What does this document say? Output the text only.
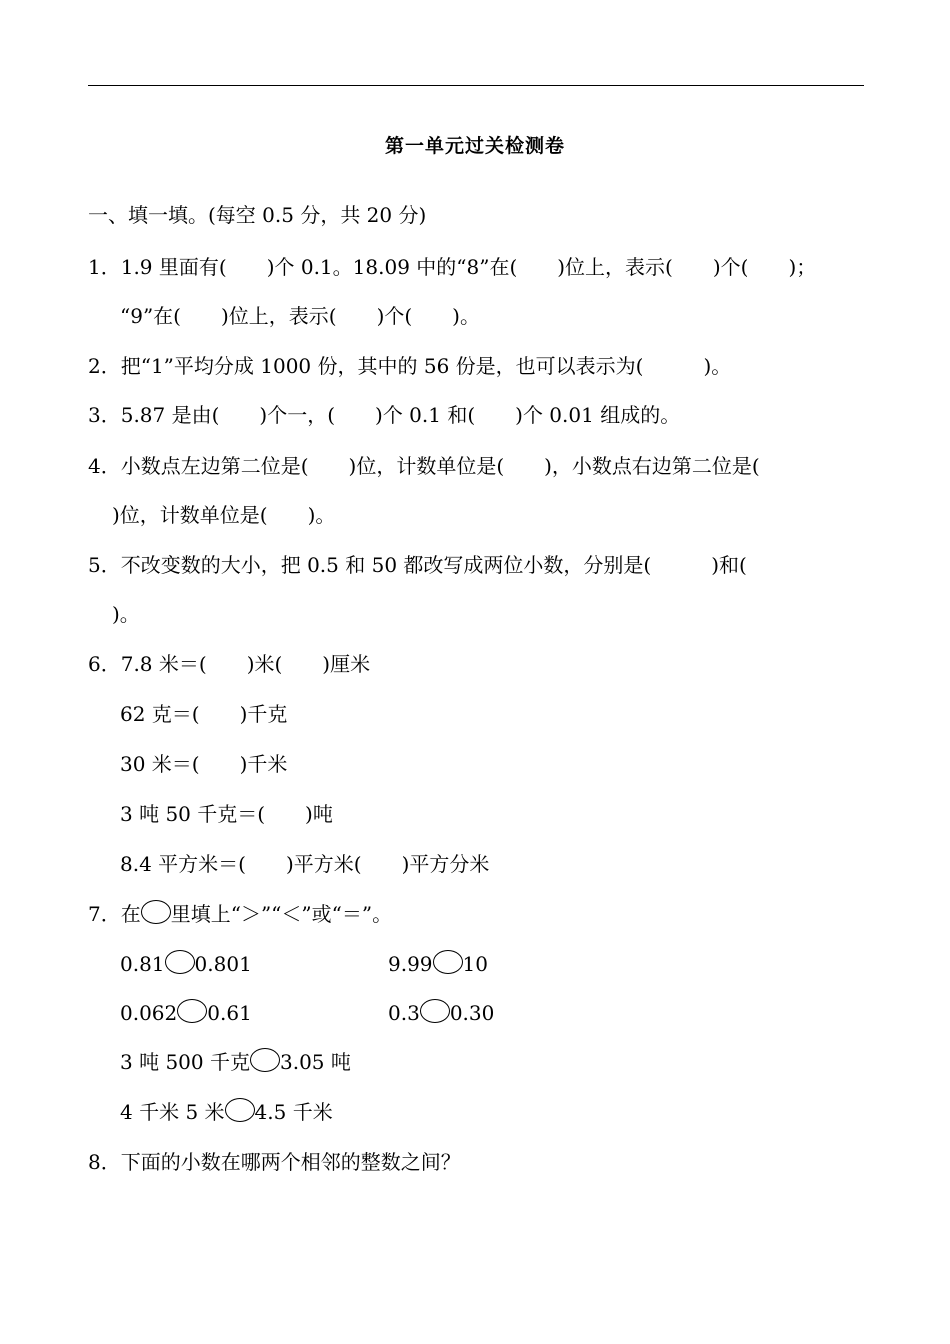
第一单元过关检测卷
一、填一填。(每空 0.5 分，共 20 分)
1．1.9 里面有(　　)个 0.1。18.09 中的“8”在(　　)位上，表示(　　)个(　　)；
“9”在(　　)位上，表示(　　)个(　　)。
2．把“1”平均分成 1000 份，其中的 56 份是，也可以表示为(　　　)。
3．5.87 是由(　　)个一，(　　)个 0.1 和(　　)个 0.01 组成的。
4．小数点左边第二位是(　　)位，计数单位是(　　)，小数点右边第二位是(
)位，计数单位是(　　)。
5．不改变数的大小，把 0.5 和 50 都改写成两位小数，分别是(　　　)和(
)。
6．7.8 米＝(　　)米(　　)厘米
62 克＝(　　)千克
30 米＝(　　)千米
3 吨 50 千克＝(　　)吨
8.4 平方米＝(　　)平方米(　　)平方分米
7．在 里填上“＞”“＜”或“＝”。
0.81 0.801	9.99 10
0.062 0.61	0.3 0.30
3 吨 500 千克 3.05 吨
4 千米 5 米 4.5 千米
8．下面的小数在哪两个相邻的整数之间？
